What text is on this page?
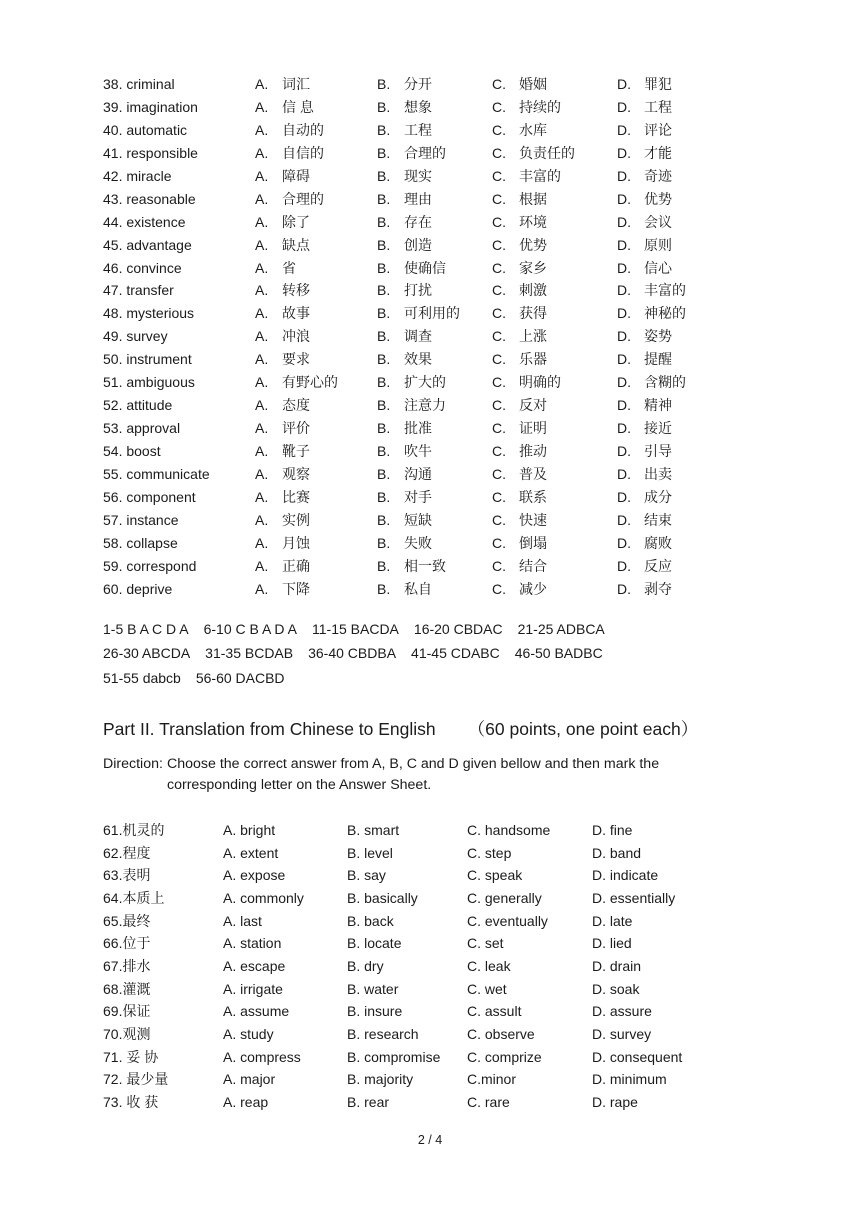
38. criminal	A. 词汇	B. 分开	C. 婚姻	D. 罪犯
39. imagination	A. 信 息	B. 想象	C. 持续的	D. 工程
40. automatic	A. 自动的	B. 工程	C. 水库	D. 评论
41. responsible	A. 自信的	B. 合理的	C. 负责任的	D. 才能
42. miracle	A. 障碍	B. 现实	C. 丰富的	D. 奇迹
43. reasonable	A. 合理的	B. 理由	C. 根据	D. 优势
44. existence	A. 除了	B. 存在	C. 环境	D. 会议
45. advantage	A. 缺点	B. 创造	C. 优势	D. 原则
46. convince	A. 省	B. 使确信	C. 家乡	D. 信心
47. transfer	A. 转移	B. 打扰	C. 刺激	D. 丰富的
48. mysterious	A. 故事	B. 可利用的	C. 获得	D. 神秘的
49. survey	A. 冲浪	B. 调查	C. 上涨	D. 姿势
50. instrument	A. 要求	B. 效果	C. 乐器	D. 提醒
51. ambiguous	A. 有野心的	B. 扩大的	C. 明确的	D. 含糊的
52. attitude	A. 态度	B. 注意力	C. 反对	D. 精神
53. approval	A. 评价	B. 批准	C. 证明	D. 接近
54. boost	A. 靴子	B. 吹牛	C. 推动	D. 引导
55. communicate	A. 观察	B. 沟通	C. 普及	D. 出卖
56. component	A. 比赛	B. 对手	C. 联系	D. 成分
57. instance	A. 实例	B. 短缺	C. 快速	D. 结束
58. collapse	A. 月蚀	B. 失败	C. 倒塌	D. 腐败
59. correspond	A. 正确	B. 相一致	C. 结合	D. 反应
60. deprive	A. 下降	B. 私自	C. 减少	D. 剥夺
1-5 B A C D A 6-10 C B A D A 11-15 BACDA 16-20 CBDAC 21-25 ADBCA
26-30 ABCDA 31-35 BCDAB 36-40 CBDBA 41-45 CDABC 46-50 BADBC
51-55 dabcb 56-60 DACBD
Part II. Translation from Chinese to English （60 points, one point each）
Direction: Choose the correct answer from A, B, C and D given bellow and then mark the
corresponding letter on the Answer Sheet.
61.机灵的	A. bright	B. smart	C. handsome	D. fine
62.程度	A. extent	B. level	C. step	D. band
63.表明	A. expose	B. say	C. speak	D. indicate
64.本质上	A. commonly	B. basically	C. generally	D. essentially
65.最终	A. last	B. back	C. eventually	D. late
66.位于	A. station	B. locate	C. set	D. lied
67.排水	A. escape	B. dry	C. leak	D. drain
68.灌溉	A. irrigate	B. water	C. wet	D. soak
69.保证	A. assume	B. insure	C. assult	D. assure
70.观测	A. study	B. research	C. observe	D. survey
71. 妥 协	A. compress	B. compromise	C. comprize	D. consequent
72. 最少量	A. major	B. majority	C.minor	D. minimum
73. 收 获	A. reap	B. rear	C. rare	D. rape
2 / 4
